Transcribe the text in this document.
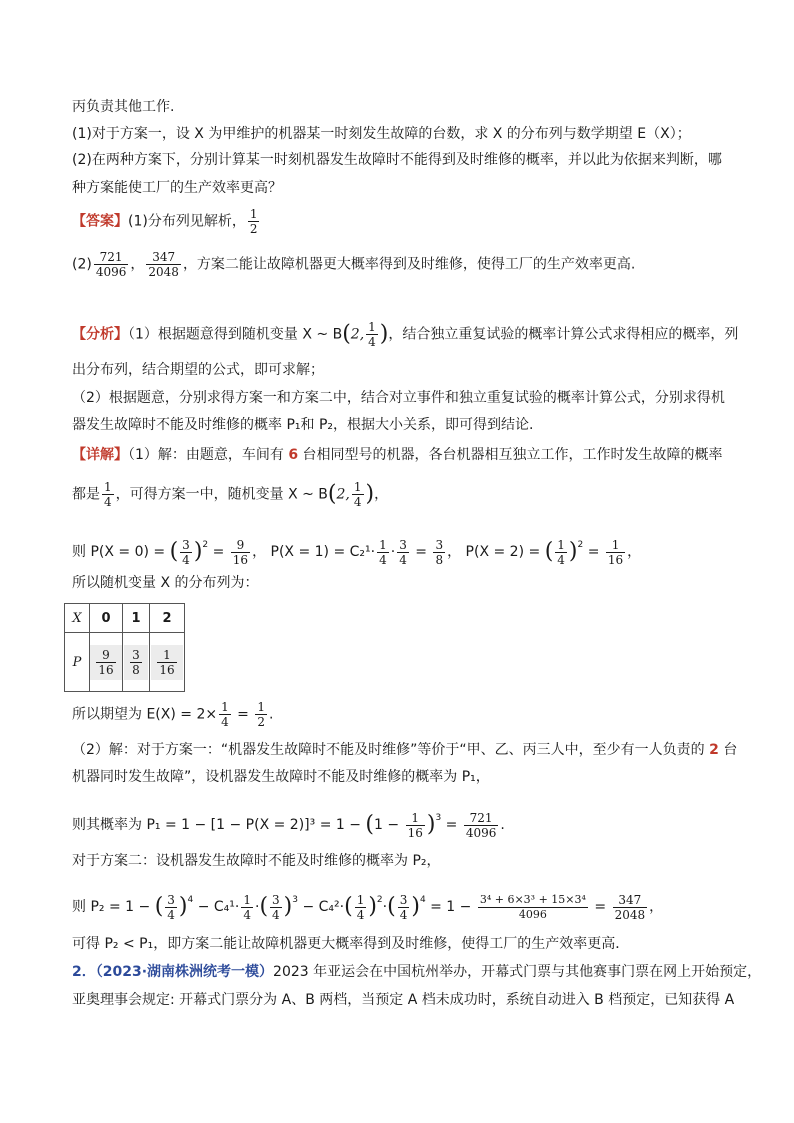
丙负责其他工作.
(1)对于方案一，设 X 为甲维护的机器某一时刻发生故障的台数，求 X 的分布列与数学期望 E（X）；
(2)在两种方案下，分别计算某一时刻机器发生故障时不能得到及时维修的概率，并以此为依据来判断，哪
种方案能使工厂的生产效率更高？
【答案】(1)分布列见解析， $\frac{1}{2}$
$(2) \frac{721}{4096}$ ， $\frac{347}{2048}$ ，方案二能让故障机器更大概率得到及时维修，使得工厂的生产效率更高.
【分析】（1）根据题意得到随机变量 X ~ B(2, $\frac{1}{4}$ )，结合独立重复试验的概率计算公式求得相应的概率，列
出分布列，结合期望的公式，即可求解；
（2）根据题意，分别求得方案一和方案二中，结合对立事件和独立重复试验的概率计算公式，分别求得机
器发生故障时不能及时维修的概率 P₁和 P₂，根据大小关系，即可得到结论.
【详解】（1）解：由题意，车间有 6 台相同型号的机器，各台机器相互独立工作，工作时发生故障的概率
都是 $\frac{1}{4}$ ，可得方案一中，随机变量 X ~ B(2, $\frac{1}{4}$ )，
则 P(X = 0) = ( $\frac{3}{4} )^2 = \frac{9}{16}$ ， $P(X = 1) = C_2^1\cdot \frac{1}{4} \cdot \frac{3}{4} = \frac{3}{8}$ ， P(X = 2) = ( $\frac{1}{4} )^2 = \frac{1}{16}$ ，
所以随机变量 X 的分布列为：
X	0	1	2
P	$\frac{9}{16}$	$\frac{3}{8}$	$\frac{1}{16}$
所以期望为 $E(X) = 2\times \frac{1}{4} = \frac{1}{2}$ .
（2）解：对于方案一：“机器发生故障时不能及时维修”等价于“甲、乙、丙三人中，至少有一人负责的 2 台
机器同时发生故障”，设机器发生故障时不能及时维修的概率为 P₁，
则其概率为 $P_1 = 1 - [1 - P(X = 2)]^3 = 1 - (1 - \frac{1}{16} )^3 = \frac{721}{4096}$ .
对于方案二：设机器发生故障时不能及时维修的概率为 P₂，
则 P₂ = 1 − ( $\frac{3}{4} )^4 - C_4^1\cdot \frac{1}{4}$ ·( $\frac{3}{4} )^3 - C_4^2\cdot( \frac{1}{4} )^2\cdot( \frac{3}{4} )^4 = 1 - \frac{\text{3⁴ + 6×3³ + 15×3⁴}}{4096} = \frac{347}{2048}$ ，
可得 P₂ < P₁，即方案二能让故障机器更大概率得到及时维修，使得工厂的生产效率更高．
2．（2023·湖南株洲统考一模）2023 年亚运会在中国杭州举办，开幕式门票与其他赛事门票在网上开始预定，
亚奥理事会规定: 开幕式门票分为 A、B 两档，当预定 A 档未成功时，系统自动进入 B 档预定，已知获得 A
